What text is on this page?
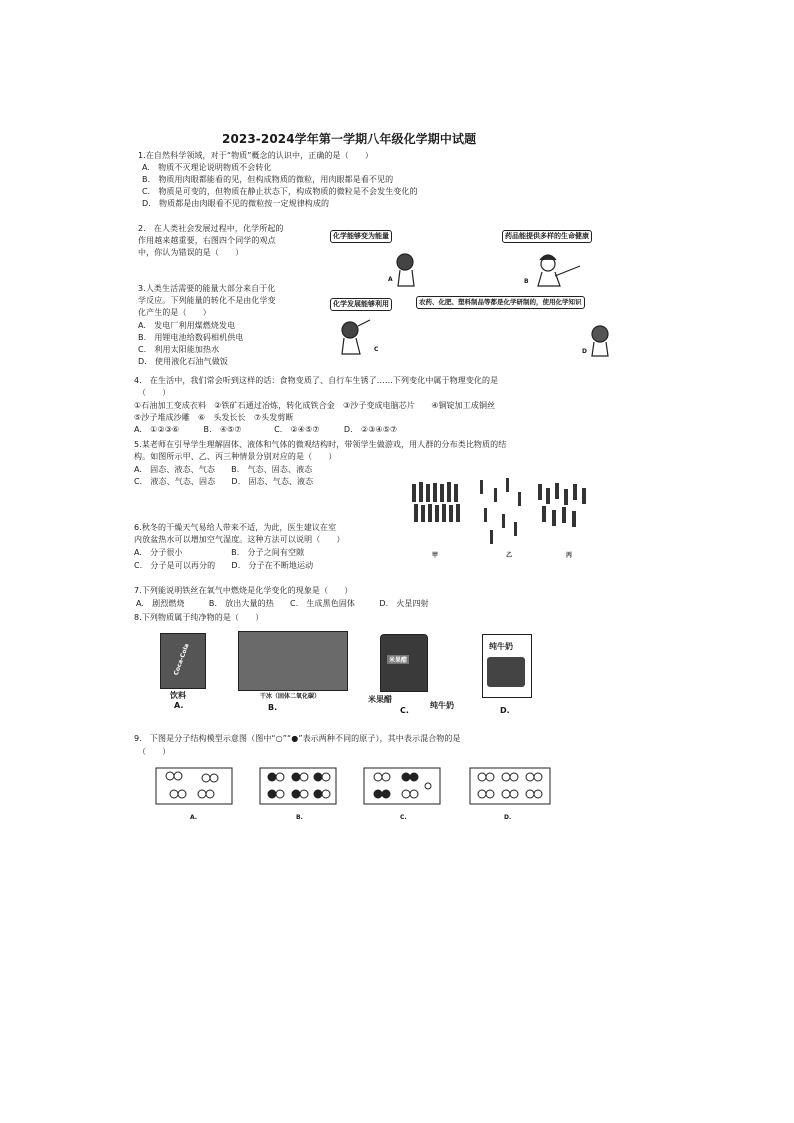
2023-2024学年第一学期八年级化学期中试题
1.在自然科学领域，对于“物质”概念的认识中，正确的是（　　）
A.　物质不灭理论说明物质不会转化
B.　物质用肉眼都能看的见，但构成物质的微粒，用肉眼都是看不见的
C.　物质是可变的，但物质在静止状态下，构成物质的微粒是不会发生变化的
D.　物质都是由肉眼看不见的微粒按一定规律构成的
2.　在人类社会发展过程中，化学所起的
作用越来越重要，右图四个同学的观点
中，你认为错误的是（　　）
化学能够变为能量	药品能提供多样的生命健康
化学发展能够利用	农药、化肥、塑料制品等都是化学研制的，使用化学知识
A	B
C	D
3.人类生活需要的能量大部分来自于化
学反应。下列能量的转化不是由化学变
化产生的是（　　）
A.　发电厂利用煤燃烧发电
B.　用锂电池给数码相机供电
C.　利用太阳能加热水
D.　使用液化石油气做饭
4.　在生活中，我们常会听到这样的话：食物变质了、自行车生锈了……下列变化中属于物理变化的是
（　　）
①石油加工变成衣料　②铁矿石通过冶炼，转化成铁合金　③沙子变成电脑芯片　　④铜锭加工成铜丝
⑤沙子堆成沙雕　⑥　头发长长　⑦头发剪断
A.　①②③⑥　　　B.　④⑤⑦　　　　C.　②④⑤⑦　　　D.　②③④⑤⑦
5.某老师在引导学生理解固体、液体和气体的微观结构时，带领学生做游戏，用人群的分布类比物质的结
构。如图所示甲、乙、丙三种情景分别对应的是（　　）
A.　固态、液态、气态　　B.　气态、固态、液态
C.　液态、气态、固态　　D.　固态、气态、液态
甲	乙	丙
6.秋冬的干燥天气易给人带来不适，为此，医生建议在室
内放盆热水可以增加空气湿度。这种方法可以说明（　　）
A.　分子很小　　　　　　B.　分子之间有空隙
C.　分子是可以再分的　　D.　分子在不断地运动
7.下列能说明铁丝在氧气中燃烧是化学变化的现象是（　　）
A.　剧烈燃烧　　　B.　放出大量的热　　C.　生成黑色固体　　　D.　火星四射
8.下列物质属于纯净物的是（　　）
Coca-Cola
饮料
A.
干冰（固体二氧化碳）
B.
米果醋
米果醋
C.
纯牛奶
纯牛奶
D.
9.　下图是分子结构模型示意图（图中“○”“●”表示两种不同的原子），其中表示混合物的是
（　　）
A.	B.	C.	D.
